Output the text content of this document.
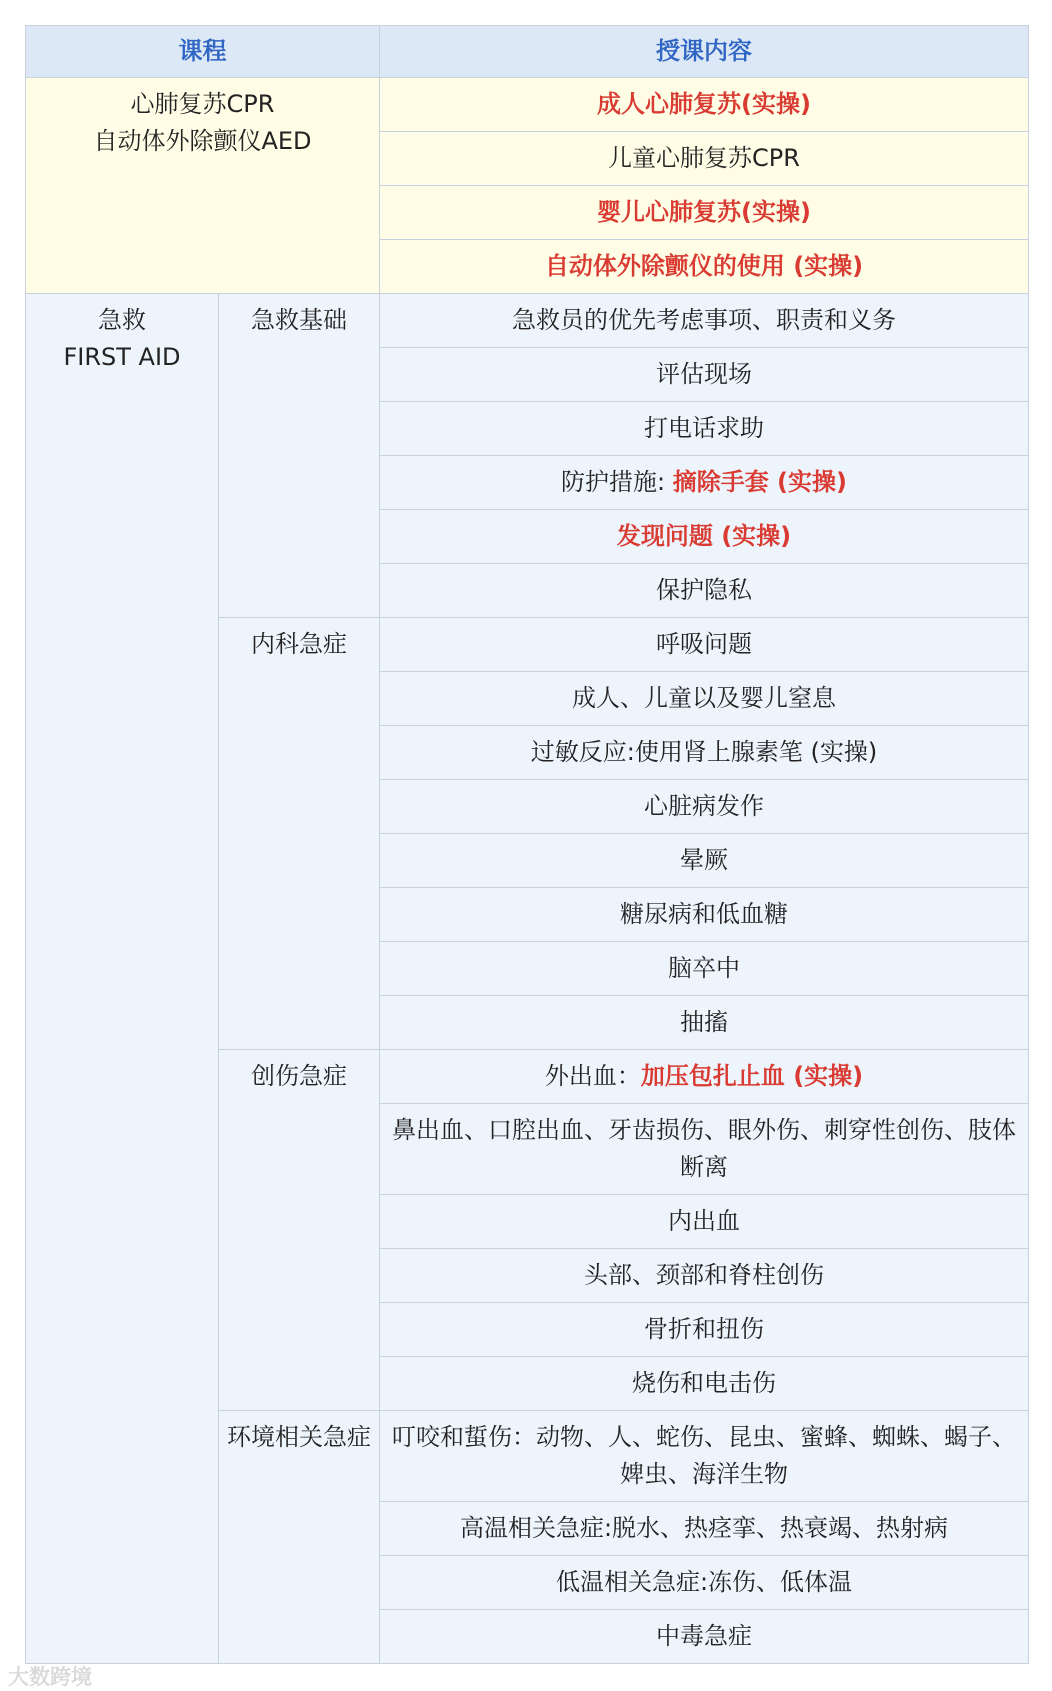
课程		授课内容

心肺复苏CPR
自动体外除颤仪AED		成人心肺复苏(实操)
		儿童心肺复苏CPR
		婴儿心肺复苏(实操)
		自动体外除颤仪的使用 (实操)

急救
FIRST AID	急救基础	急救员的优先考虑事项、职责和义务
		评估现场
		打电话求助
		防护措施: 摘除手套 (实操)
		发现问题 (实操)
		保护隐私
	内科急症	呼吸问题
		成人、儿童以及婴儿窒息
		过敏反应:使用肾上腺素笔 (实操)
		心脏病发作
		晕厥
		糖尿病和低血糖
		脑卒中
		抽搐
	创伤急症	外出血：加压包扎止血 (实操)
		鼻出血、口腔出血、牙齿损伤、眼外伤、刺穿性创伤、肢体断离
		内出血
		头部、颈部和脊柱创伤
		骨折和扭伤
		烧伤和电击伤
	环境相关急症	叮咬和蜇伤：动物、人、蛇伤、昆虫、蜜蜂、蜘蛛、蝎子、婢虫、海洋生物
		高温相关急症:脱水、热痉挛、热衰竭、热射病
		低温相关急症:冻伤、低体温
		中毒急症
大数跨境
